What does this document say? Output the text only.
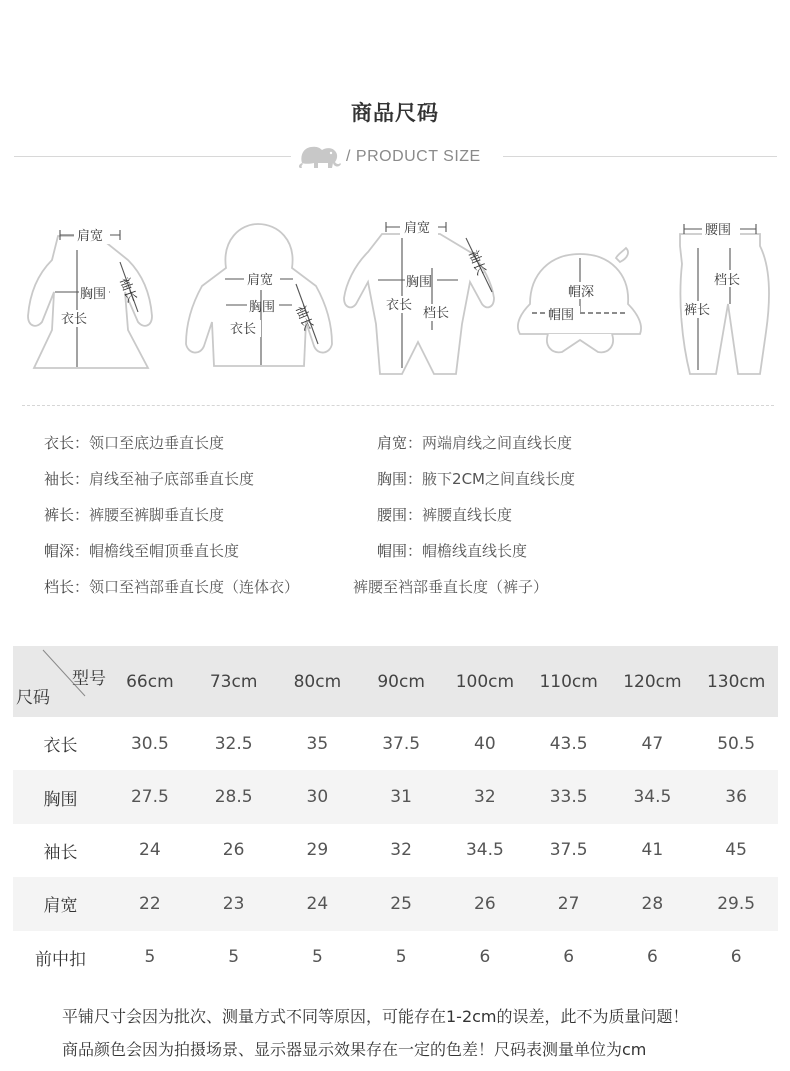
商品尺码
/ PRODUCT SIZE
肩宽
胸围
衣长
袖长	肩宽
胸围
衣长	袖长
肩宽
胸围
衣长
档长
袖长
帽深
帽围
腰围
档长
裤长
衣长：领口至底边垂直长度	肩宽：两端肩线之间直线长度
袖长：肩线至袖子底部垂直长度	胸围：腋下2CM之间直线长度
裤长：裤腰至裤脚垂直长度	腰围：裤腰直线长度
帽深：帽檐线至帽顶垂直长度	帽围：帽檐线直线长度
档长：领口至裆部垂直长度（连体衣）	裤腰至裆部垂直长度（裤子）
型号
尺码	66cm	73cm	80cm	90cm	100cm	110cm	120cm	130cm
衣长	30.5	32.5	35	37.5	40	43.5	47	50.5
胸围	27.5	28.5	30	31	32	33.5	34.5	36
袖长	24	26	29	32	34.5	37.5	41	45
肩宽	22	23	24	25	26	27	28	29.5
前中扣	5	5	5	5	6	6	6	6
平铺尺寸会因为批次、测量方式不同等原因，可能存在1-2cm的误差，此不为质量问题！
商品颜色会因为拍摄场景、显示器显示效果存在一定的色差！尺码表测量单位为cm
